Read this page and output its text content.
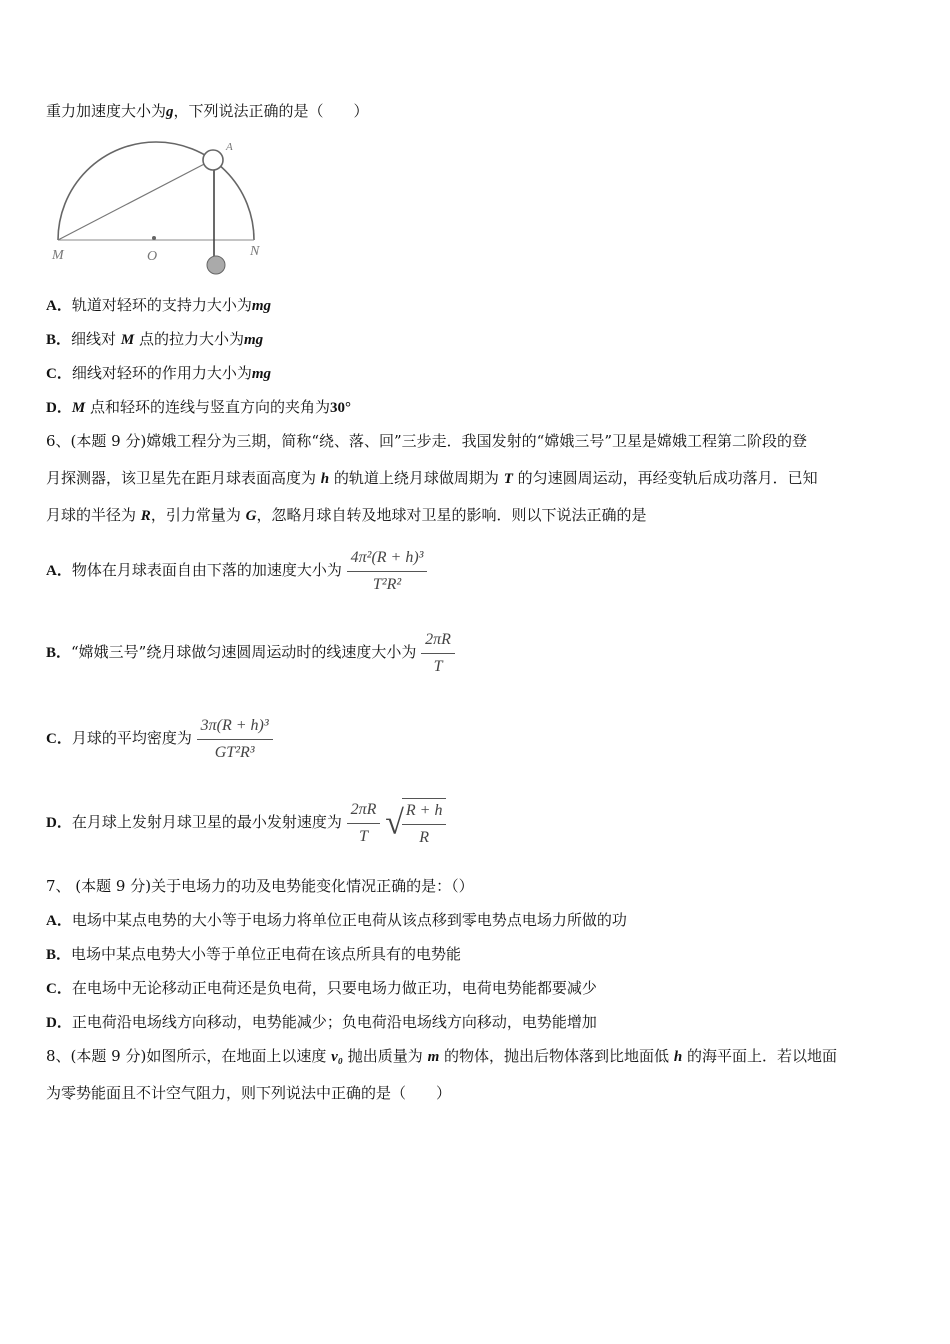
重力加速度大小为g，下列说法正确的是（　　）
M	O	N
A
A．轨道对轻环的支持力大小为mg
B．细线对 M 点的拉力大小为mg
C．细线对轻环的作用力大小为mg
D．M 点和轻环的连线与竖直方向的夹角为30°
6、(本题 9 分)嫦娥工程分为三期，简称“绕、落、回”三步走．我国发射的“嫦娥三号”卫星是嫦娥工程第二阶段的登
月探测器，该卫星先在距月球表面高度为 h 的轨道上绕月球做周期为 T 的匀速圆周运动，再经变轨后成功落月．已知
月球的半径为 R，引力常量为 G，忽略月球自转及地球对卫星的影响．则以下说法正确的是
A．物体在月球表面自由下落的加速度大小为 $\frac{\text{4π²(R + h)³}}{\text{T²R²}}$
B．“嫦娥三号”绕月球做匀速圆周运动时的线速度大小为 $\frac{2\pi R}{T}$
C．月球的平均密度为 $\frac{\text{3π(R + h)³}}{\text{GT²R³}}$
D．在月球上发射月球卫星的最小发射速度为 $\frac{2\pi R}{T}$ √
$\frac{R + h}{R}$
7、 (本题 9 分)关于电场力的功及电势能变化情况正确的是：（）
A．电场中某点电势的大小等于电场力将单位正电荷从该点移到零电势点电场力所做的功
B．电场中某点电势大小等于单位正电荷在该点所具有的电势能
C．在电场中无论移动正电荷还是负电荷，只要电场力做正功，电荷电势能都要减少
D．正电荷沿电场线方向移动，电势能减少；负电荷沿电场线方向移动，电势能增加
8、(本题 9 分)如图所示，在地面上以速度 v₀ 抛出质量为 m 的物体，抛出后物体落到比地面低 h 的海平面上．若以地面
为零势能面且不计空气阻力，则下列说法中正确的是（　　）
